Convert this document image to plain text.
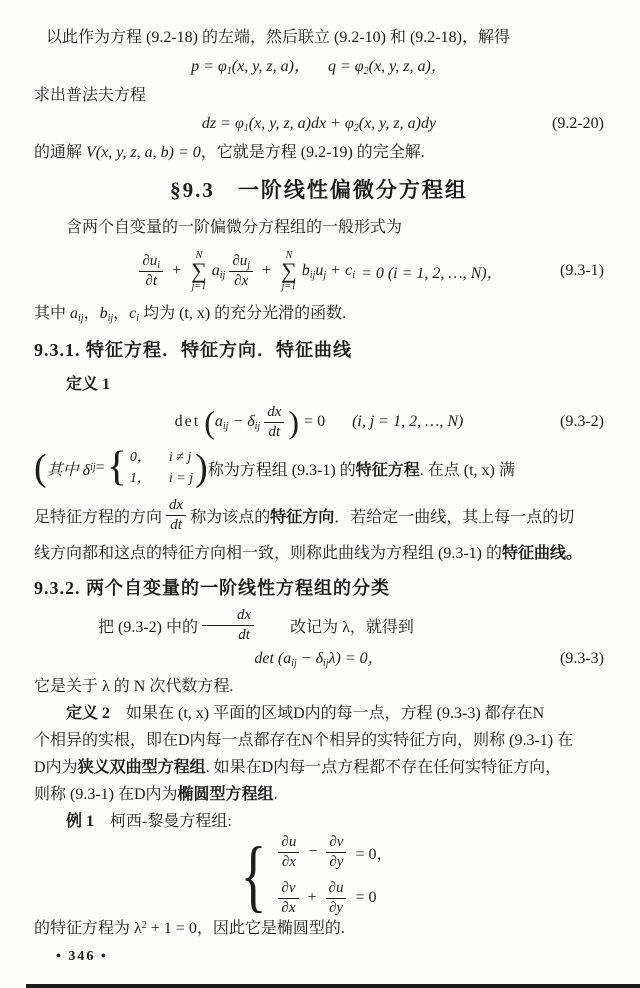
以此作为方程 (9.2-18) 的左端，然后联立 (9.2-10) 和 (9.2-18)，解得

$p = \varphi_1(x$, y, z, a)， $q = \varphi_2(x$, y, z, a)，

求出普法夫方程

dz = $\varphi_1(x$, y, z, $a)dx + \varphi_2(x$, y, z, a)dy	(9.2-20)

的通解 V(x, y, z, a, b) = 0，它就是方程 (9.2-19) 的完全解.

§9.3　一阶线性偏微分方程组

含两个自变量的一阶偏微分方程组的一般形式为

$\frac{\partial u_i}{\partial t}$ +
N
∑
j=1
$a_{ij} \frac{\partial u_j}{\partial x}$ +
N
∑
j=1
$b_{ij}u_j + c_i = 0$ (i = 1, 2, …, N)，	(9.3-1)

其中 $a_{ij}$，$b_{ij}$，$c_i$ 均为 (t, x) 的充分光滑的函数.

9.3.1. 特征方程．特征方向．特征曲线

定义 1

det ( $a_{ij} - \delta_{ij} \frac{dx}{dt}$ ) = 0 (i, j = 1, 2, …, N)	(9.3-2)
( 其中 δ ij = { 0， i ≠ j
1， i = j ) 称为方程组 (9.3-1) 的 特征方程 . 在点 (t, x) 满
足特征方程的方向 $\frac{dx}{dt}$ 称为该点的 特征方向 ．若给定一曲线，其上每一点的切

线方向都和这点的特征方向相一致，则称此曲线为方程组 (9.3-1) 的特征曲线。

9.3.2. 两个自变量的一阶线性方程组的分类
把 (9.3-2) 中的 $\frac{dx}{dt}$	改记为 λ，就得到
$\det (a_{ij} - \delta_{ij}\lambda) = 0$，	(9.3-3)

它是关于 λ 的 N 次代数方程.

定义 2　如果在 (t, x) 平面的区域D内的每一点，方程 (9.3-3) 都存在N

个相异的实根，即在D内每一点都存在N个相异的实特征方向，则称 (9.3-1) 在

D内为狭义双曲型方程组. 如果在D内每一点方程都不存在任何实特征方向，

则称 (9.3-1) 在D内为椭圆型方程组.

例 1　柯西-黎曼方程组:

{ $\frac{\partial u}{\partial x} - \frac{\partial v}{\partial y} = 0$，
$\frac{\partial v}{\partial x} + \frac{\partial u}{\partial y} = 0$

的特征方程为 $\lambda^2 + 1 = 0$，因此它是椭圆型的.

• 346 •
